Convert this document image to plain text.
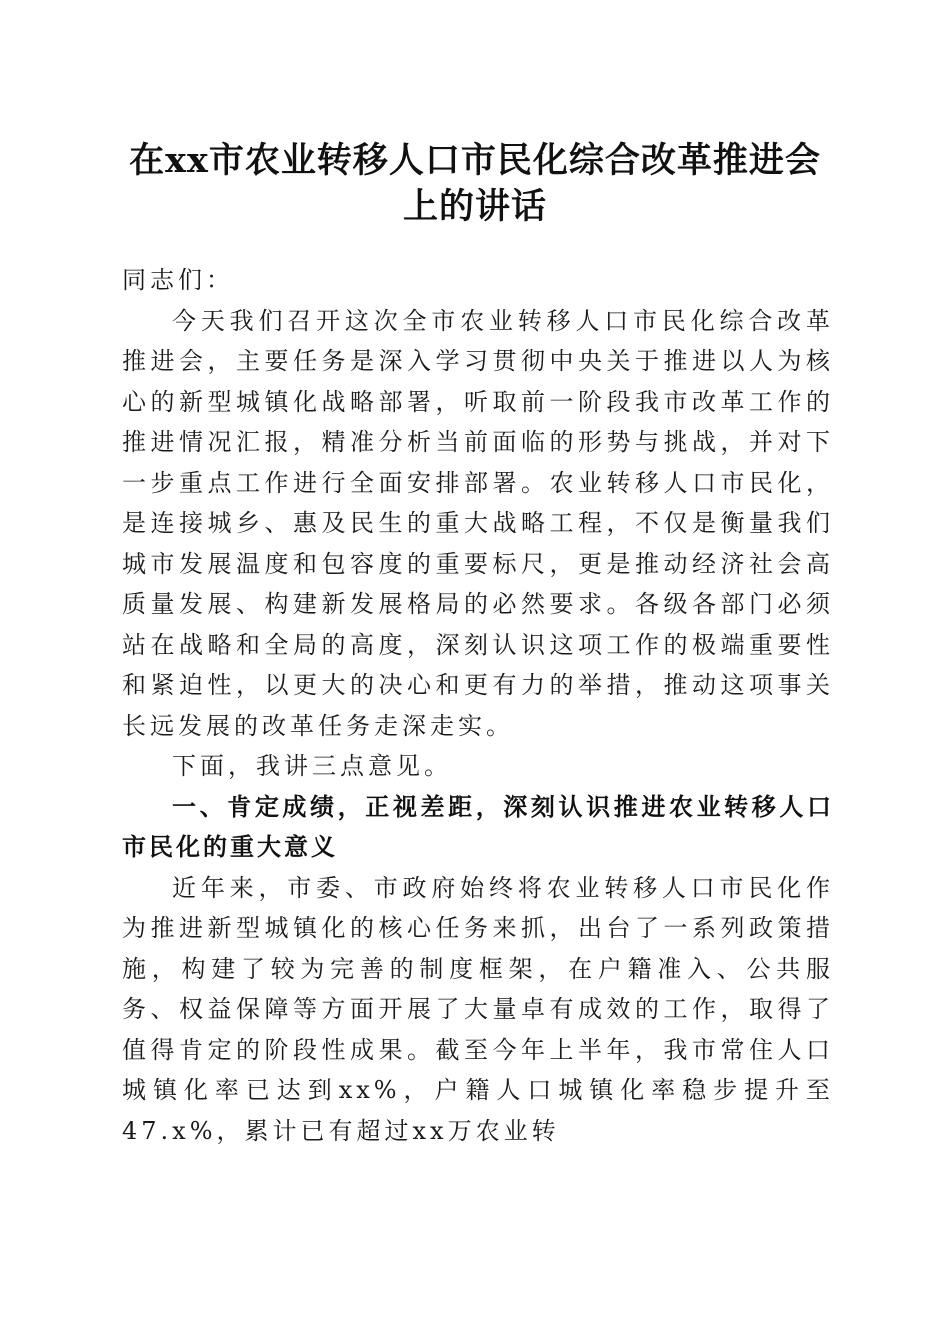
在xx市农业转移人口市民化综合改革推进会
上的讲话

同志们：

今天我们召开这次全市农业转移人口市民化综合改革推进会，主要任务是深入学习贯彻中央关于推进以人为核心的新型城镇化战略部署，听取前一阶段我市改革工作的推进情况汇报，精准分析当前面临的形势与挑战，并对下一步重点工作进行全面安排部署。农业转移人口市民化，是连接城乡、惠及民生的重大战略工程，不仅是衡量我们城市发展温度和包容度的重要标尺，更是推动经济社会高质量发展、构建新发展格局的必然要求。各级各部门必须站在战略和全局的高度，深刻认识这项工作的极端重要性和紧迫性，以更大的决心和更有力的举措，推动这项事关长远发展的改革任务走深走实。

下面，我讲三点意见。

一、肯定成绩，正视差距，深刻认识推进农业转移人口市民化的重大意义

近年来，市委、市政府始终将农业转移人口市民化作为推进新型城镇化的核心任务来抓，出台了一系列政策措施，构建了较为完善的制度框架，在户籍准入、公共服务、权益保障等方面开展了大量卓有成效的工作，取得了值得肯定的阶段性成果。截至今年上半年，我市常住人口城镇化率已达到xx%，户籍人口城镇化率稳步提升至47.x%，累计已有超过xx万农业转
